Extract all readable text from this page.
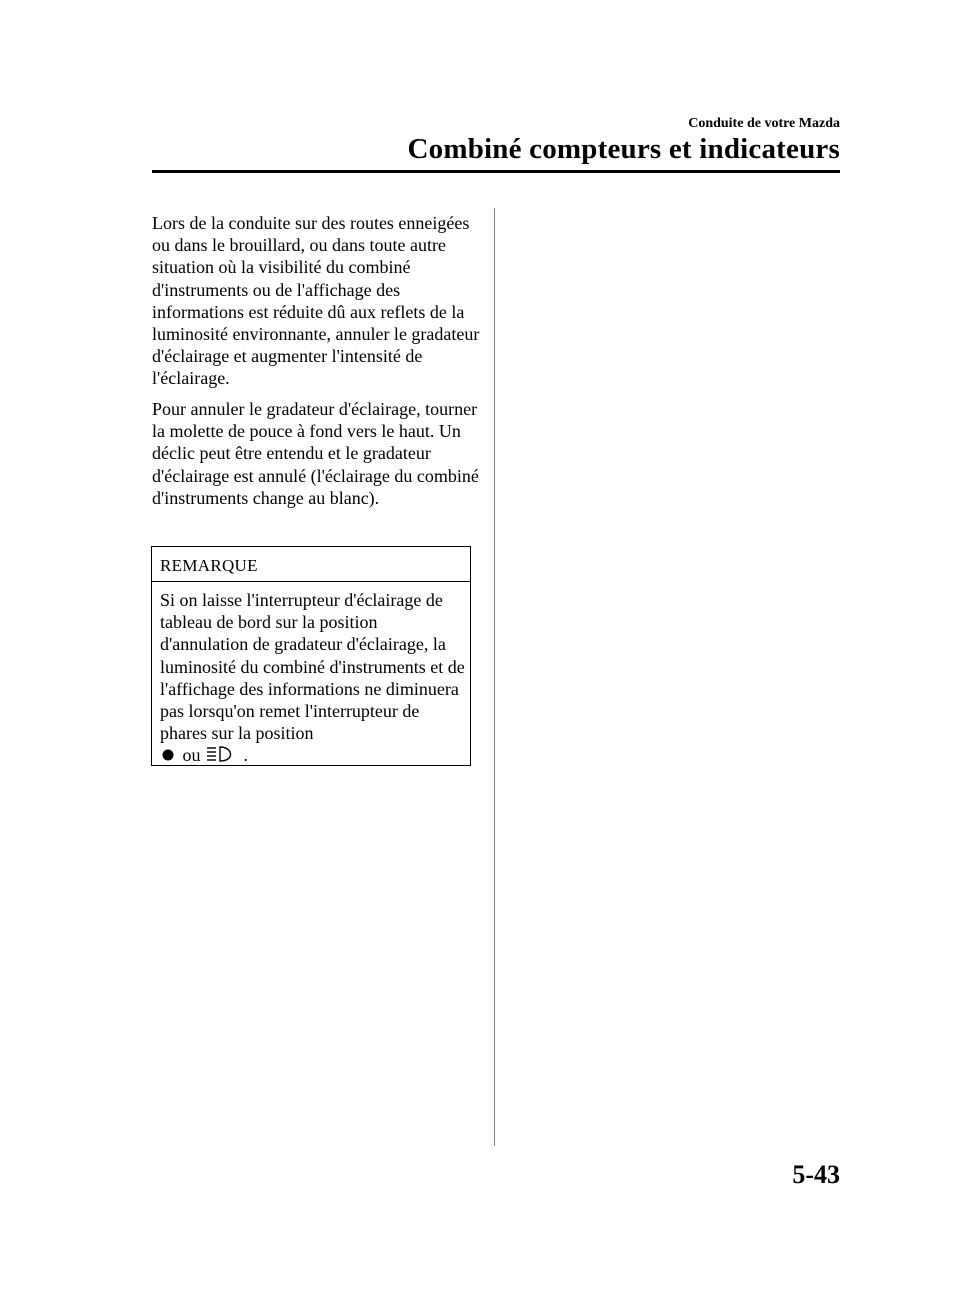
Conduite de votre Mazda
Combiné compteurs et indicateurs

Lors de la conduite sur des routes enneigées ou dans le brouillard, ou dans toute autre situation où la visibilité du combiné d'instruments ou de l'affichage des informations est réduite dû aux reflets de la luminosité environnante, annuler le gradateur d'éclairage et augmenter l'intensité de l'éclairage.

Pour annuler le gradateur d'éclairage, tourner la molette de pouce à fond vers le haut. Un déclic peut être entendu et le gradateur d'éclairage est annulé (l'éclairage du combiné d'instruments change au blanc).

REMARQUE

Si on laisse l'interrupteur d'éclairage de tableau de bord sur la position d'annulation de gradateur d'éclairage, la luminosité du combiné d'instruments et de l'affichage des informations ne diminuera pas lorsqu'on remet l'interrupteur de phares sur la position
ou .

5-43
